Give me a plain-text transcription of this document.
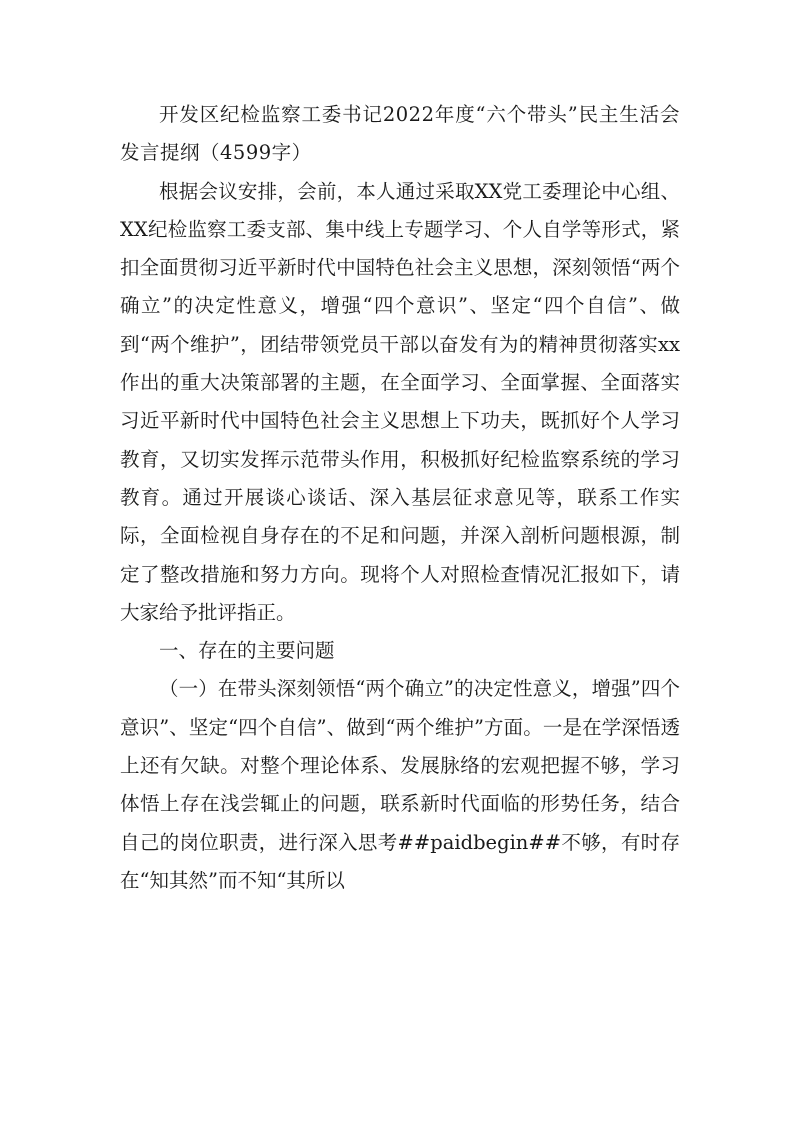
开发区纪检监察工委书记2022年度“六个带头”民主生活会发言提纲（4599字）

根据会议安排，会前，本人通过采取XX党工委理论中心组、XX纪检监察工委支部、集中线上专题学习、个人自学等形式，紧扣全面贯彻习近平新时代中国特色社会主义思想，深刻领悟“两个确立”的决定性意义，增强“四个意识”、坚定“四个自信”、做到“两个维护”，团结带领党员干部以奋发有为的精神贯彻落实xx作出的重大决策部署的主题，在全面学习、全面掌握、全面落实习近平新时代中国特色社会主义思想上下功夫，既抓好个人学习教育，又切实发挥示范带头作用，积极抓好纪检监察系统的学习教育。通过开展谈心谈话、深入基层征求意见等，联系工作实际，全面检视自身存在的不足和问题，并深入剖析问题根源，制定了整改措施和努力方向。现将个人对照检查情况汇报如下，请大家给予批评指正。

一、存在的主要问题

（一）在带头深刻领悟“两个确立”的决定性意义，增强”四个意识”、坚定“四个自信”、做到“两个维护”方面。一是在学深悟透上还有欠缺。对整个理论体系、发展脉络的宏观把握不够，学习体悟上存在浅尝辄止的问题，联系新时代面临的形势任务，结合自己的岗位职责，进行深入思考##paidbegin##不够，有时存在“知其然”而不知“其所以
